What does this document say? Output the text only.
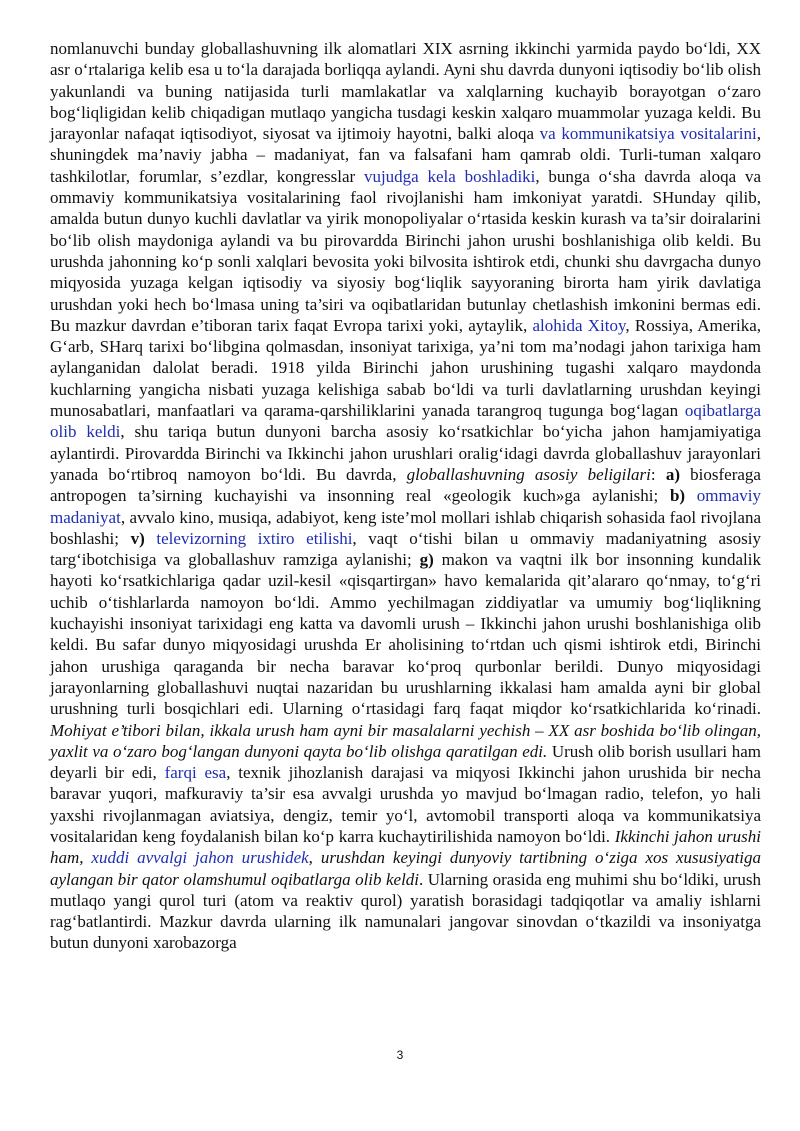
nomlanuvchi bunday globallashuvning ilk alomatlari XIX asrning ikkinchi yarmida paydo bo‘ldi, XX asr o‘rtalariga kelib esa u to‘la darajada borliqqa aylandi. Ayni shu davrda dunyoni iqtisodiy bo‘lib olish yakunlandi va buning natijasida turli mamlakatlar va xalqlarning kuchayib borayotgan o‘zaro bog‘liqligidan kelib chiqadigan mutlaqo yangicha tusdagi keskin xalqaro muammolar yuzaga keldi. Bu jarayonlar nafaqat iqtisodiyot, siyosat va ijtimoiy hayotni, balki aloqa va kommunikatsiya vositalarini, shuningdek ma’naviy jabha – madaniyat, fan va falsafani ham qamrab oldi. Turli-tuman xalqaro tashkilotlar, forumlar, s’ezdlar, kongresslar vujudga kela boshladiki, bunga o‘sha davrda aloqa va ommaviy kommunikatsiya vositalarining faol rivojlanishi ham imkoniyat yaratdi. SHunday qilib, amalda butun dunyo kuchli davlatlar va yirik monopoliyalar o‘rtasida keskin kurash va ta’sir doiralarini bo‘lib olish maydoniga aylandi va bu pirovardda Birinchi jahon urushi boshlanishiga olib keldi. Bu urushda jahonning ko‘p sonli xalqlari bevosita yoki bilvosita ishtirok etdi, chunki shu davrgacha dunyo miqyosida yuzaga kelgan iqtisodiy va siyosiy bog‘liqlik sayyoraning birorta ham yirik davlatiga urushdan yoki hech bo‘lmasa uning ta’siri va oqibatlaridan butunlay chetlashish imkonini bermas edi. Bu mazkur davrdan e’tiboran tarix faqat Evropa tarixi yoki, aytaylik, alohida Xitoy, Rossiya, Amerika, G‘arb, SHarq tarixi bo‘libgina qolmasdan, insoniyat tarixiga, ya’ni tom ma’nodagi jahon tarixiga ham aylanganidan dalolat beradi. 1918 yilda Birinchi jahon urushining tugashi xalqaro maydonda kuchlarning yangicha nisbati yuzaga kelishiga sabab bo‘ldi va turli davlatlarning urushdan keyingi munosabatlari, manfaatlari va qarama-qarshiliklarini yanada tarangroq tugunga bog‘lagan oqibatlarga olib keldi, shu tariqa butun dunyoni barcha asosiy ko‘rsatkichlar bo‘yicha jahon hamjamiyatiga aylantirdi. Pirovardda Birinchi va Ikkinchi jahon urushlari oralig‘idagi davrda globallashuv jarayonlari yanada bo‘rtibroq namoyon bo‘ldi. Bu davrda, globallashuvning asosiy beligilari: a) biosferaga antropogen ta’sirning kuchayishi va insonning real «geologik kuch»ga aylanishi; b) ommaviy madaniyat, avvalo kino, musiqa, adabiyot, keng iste’mol mollari ishlab chiqarish sohasida faol rivojlana boshlashi; v) televizorning ixtiro etilishi, vaqt o‘tishi bilan u ommaviy madaniyatning asosiy targ‘ibotchisiga va globallashuv ramziga aylanishi; g) makon va vaqtni ilk bor insonning kundalik hayoti ko‘rsatkichlariga qadar uzil-kesil «qisqartirgan» havo kemalarida qit’alararo qo‘nmay, to‘g‘ri uchib o‘tishlarlarda namoyon bo‘ldi. Ammo yechilmagan ziddiyatlar va umumiy bog‘liqlikning kuchayishi insoniyat tarixidagi eng katta va davomli urush – Ikkinchi jahon urushi boshlanishiga olib keldi. Bu safar dunyo miqyosidagi urushda Er aholisining to‘rtdan uch qismi ishtirok etdi, Birinchi jahon urushiga qaraganda bir necha baravar ko‘proq qurbonlar berildi. Dunyo miqyosidagi jarayonlarning globallashuvi nuqtai nazaridan bu urushlarning ikkalasi ham amalda ayni bir global urushning turli bosqichlari edi. Ularning o‘rtasidagi farq faqat miqdor ko‘rsatkichlarida ko‘rinadi. Mohiyat e’tibori bilan, ikkala urush ham ayni bir masalalarni yechish – XX asr boshida bo‘lib olingan, yaxlit va o‘zaro bog‘langan dunyoni qayta bo‘lib olishga qaratilgan edi. Urush olib borish usullari ham deyarli bir edi, farqi esa, texnik jihozlanish darajasi va miqyosi Ikkinchi jahon urushida bir necha baravar yuqori, mafkuraviy ta’sir esa avvalgi urushda yo mavjud bo‘lmagan radio, telefon, yo hali yaxshi rivojlanmagan aviatsiya, dengiz, temir yo‘l, avtomobil transporti aloqa va kommunikatsiya vositalaridan keng foydalanish bilan ko‘p karra kuchaytirilishida namoyon bo‘ldi. Ikkinchi jahon urushi ham, xuddi avvalgi jahon urushidek, urushdan keyingi dunyoviy tartibning o‘ziga xos xususiyatiga aylangan bir qator olamshumul oqibatlarga olib keldi. Ularning orasida eng muhimi shu bo‘ldiki, urush mutlaqo yangi qurol turi (atom va reaktiv qurol) yaratish borasidagi tadqiqotlar va amaliy ishlarni rag‘batlantirdi. Mazkur davrda ularning ilk namunalari jangovar sinovdan o‘tkazildi va insoniyatga butun dunyoni xarobazorga

3
